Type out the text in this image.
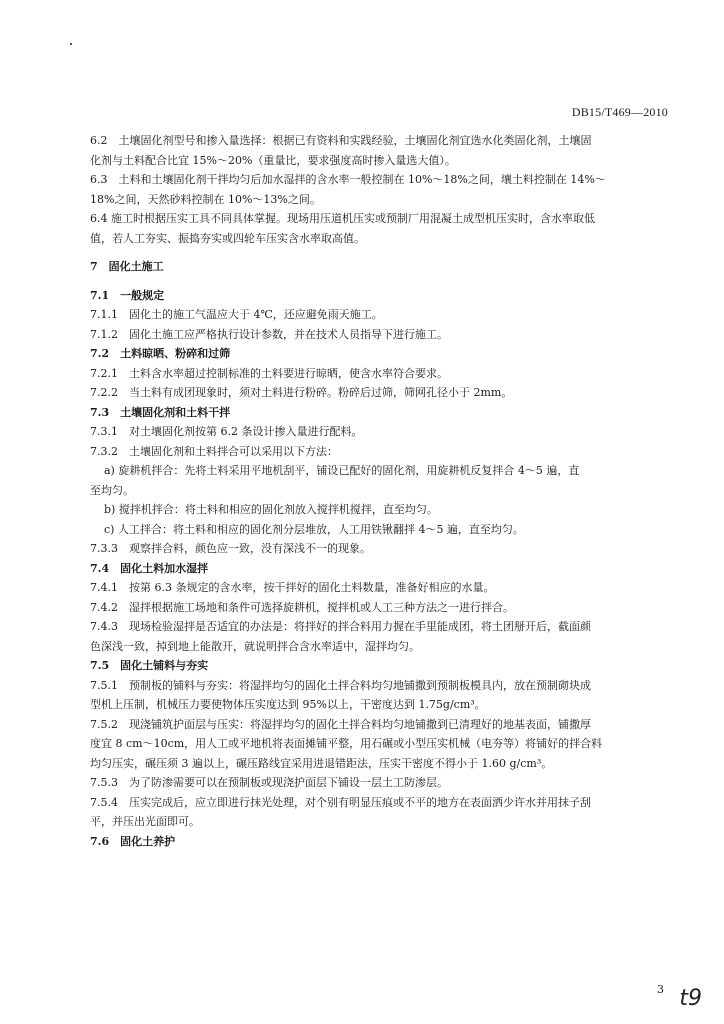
DB15/T469—2010

6.2　土壤固化剂型号和掺入量选择：根据已有资料和实践经验，土壤固化剂宜选水化类固化剂，土壤固

化剂与土料配合比宜 15%～20%（重量比，要求强度高时掺入量选大值）。

6.3　土料和土壤固化剂干拌均匀后加水湿拌的含水率一般控制在 10%～18%之间，壤土料控制在 14%～

18%之间，天然砂料控制在 10%～13%之间。

6.4 施工时根据压实工具不同具体掌握。现场用压道机压实或预制厂用混凝土成型机压实时，含水率取低

值，若人工夯实、振捣夯实或四轮车压实含水率取高值。

7　固化土施工

7.1　一般规定

7.1.1　固化土的施工气温应大于 4℃，还应避免雨天施工。

7.1.2　固化土施工应严格执行设计参数，并在技术人员指导下进行施工。

7.2　土料晾晒、粉碎和过筛

7.2.1　土料含水率超过控制标准的土料要进行晾晒，使含水率符合要求。

7.2.2　当土料有成团现象时，须对土料进行粉碎。粉碎后过筛，筛网孔径小于 2mm。

7.3　土壤固化剂和土料干拌

7.3.1　对土壤固化剂按第 6.2 条设计掺入量进行配料。

7.3.2　土壤固化剂和土料拌合可以采用以下方法：

a) 旋耕机拌合：先将土料采用平地机刮平，铺设已配好的固化剂，用旋耕机反复拌合 4～5 遍，直

至均匀。

b) 搅拌机拌合：将土料和相应的固化剂放入搅拌机搅拌，直至均匀。

c) 人工拌合：将土料和相应的固化剂分层堆放，人工用铁锹翻拌 4～5 遍，直至均匀。

7.3.3　观察拌合料，颜色应一致，没有深浅不一的现象。

7.4　固化土料加水湿拌

7.4.1　按第 6.3 条规定的含水率，按干拌好的固化土料数量，准备好相应的水量。

7.4.2　湿拌根据施工场地和条件可选择旋耕机，搅拌机或人工三种方法之一进行拌合。

7.4.3　现场检验湿拌是否适宜的办法是：将拌好的拌合料用力握在手里能成团，将土团掰开后，截面颜

色深浅一致，掉到地上能散开，就说明拌合含水率适中，湿拌均匀。

7.5　固化土铺料与夯实

7.5.1　预制板的铺料与夯实：将湿拌均匀的固化土拌合料均匀地铺撒到预制板模具内，放在预制砌块成

型机上压制，机械压力要使物体压实度达到 95%以上，干密度达到 1.75g/cm³。

7.5.2　现浇铺筑护面层与压实：将湿拌均匀的固化土拌合料均匀地铺撒到已清理好的地基表面，铺撒厚

度宜 8 cm～10cm，用人工或平地机将表面摊铺平整，用石碾或小型压实机械（电夯等）将铺好的拌合料

均匀压实，碾压须 3 遍以上，碾压路线宜采用进退错距法，压实干密度不得小于 1.60 g/cm³。

7.5.3　为了防渗需要可以在预制板或现浇护面层下铺设一层土工防渗层。

7.5.4　压实完成后，应立即进行抹光处理，对个别有明显压痕或不平的地方在表面洒少许水并用抹子刮

平，并压出光面即可。

7.6　固化土养护

3 t9
